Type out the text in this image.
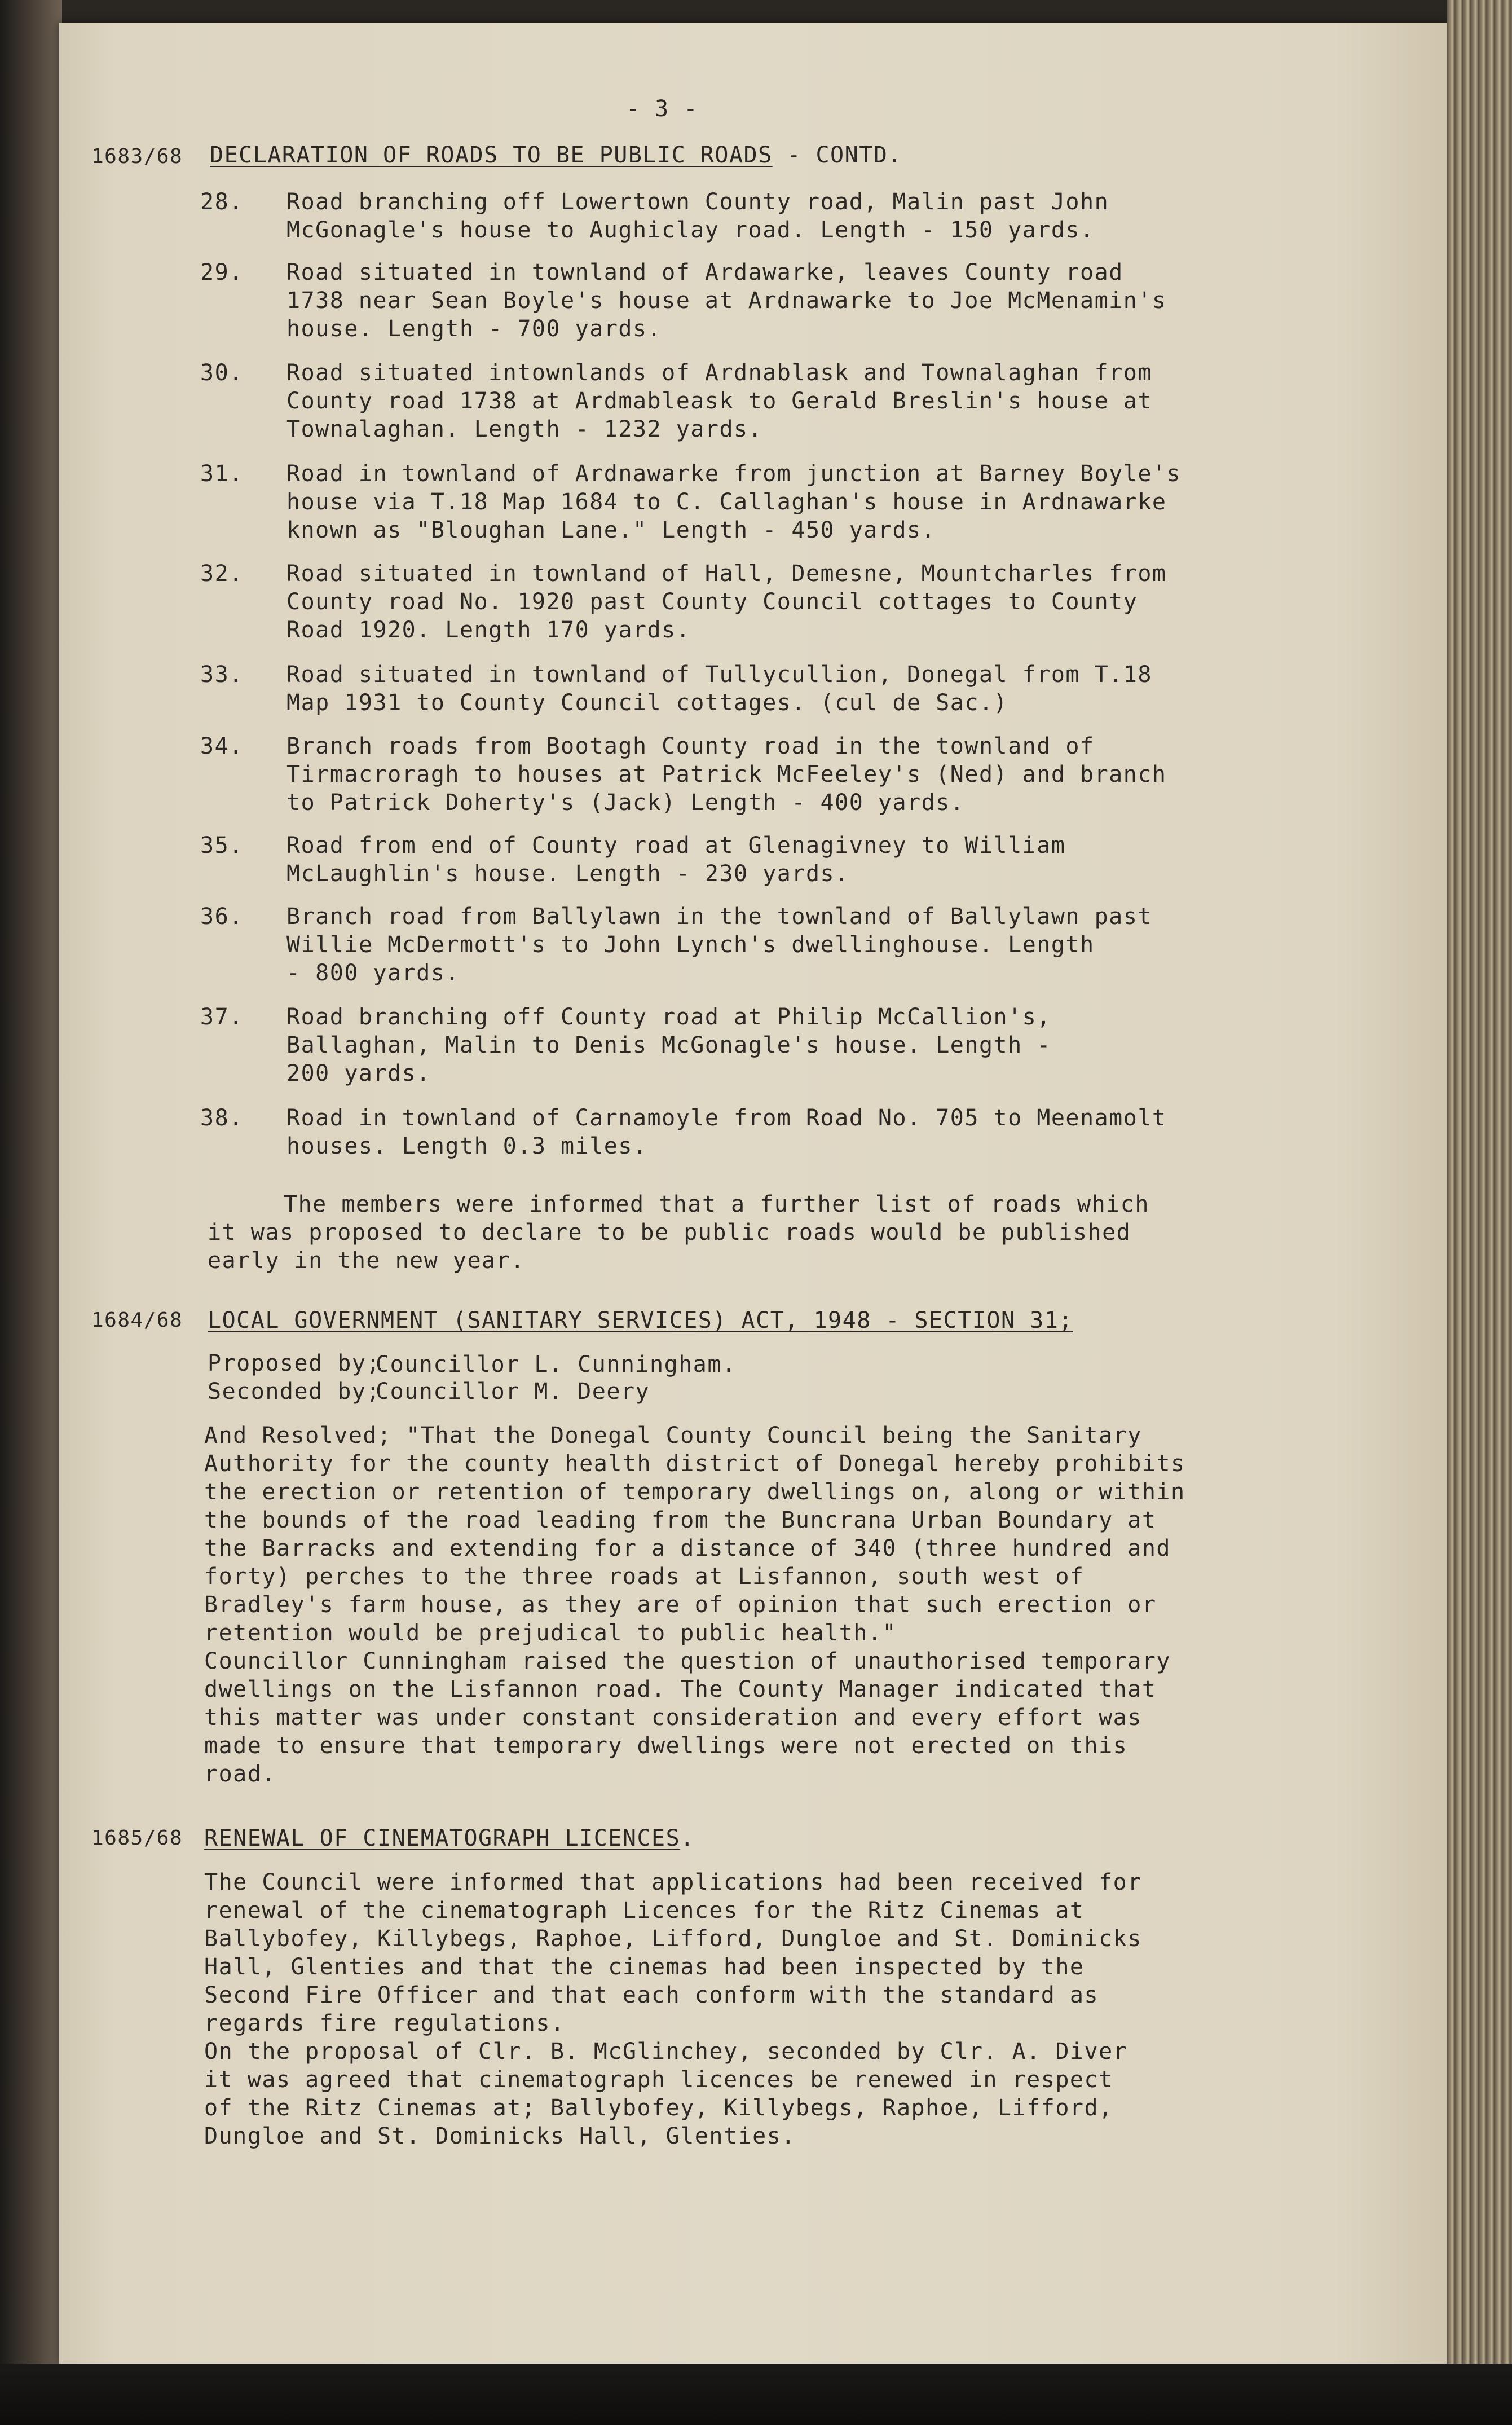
- 3 -
1683/68 DECLARATION OF ROADS TO BE PUBLIC ROADS - CONTD.
28.	Road branching off Lowertown County road, Malin past John
McGonagle's house to Aughiclay road. Length - 150 yards.
29.	Road situated in townland of Ardawarke, leaves County road
1738 near Sean Boyle's house at Ardnawarke to Joe McMenamin's
house. Length - 700 yards.
30.	Road situated intownlands of Ardnablask and Townalaghan from
County road 1738 at Ardmableask to Gerald Breslin's house at
Townalaghan. Length - 1232 yards.
31.	Road in townland of Ardnawarke from junction at Barney Boyle's
house via T.18 Map 1684 to C. Callaghan's house in Ardnawarke
known as "Bloughan Lane." Length - 450 yards.
32.	Road situated in townland of Hall, Demesne, Mountcharles from
County road No. 1920 past County Council cottages to County
Road 1920. Length 170 yards.
33.	Road situated in townland of Tullycullion, Donegal from T.18
Map 1931 to County Council cottages. (cul de Sac.)
34.	Branch roads from Bootagh County road in the townland of
Tirmacroragh to houses at Patrick McFeeley's (Ned) and branch
to Patrick Doherty's (Jack) Length - 400 yards.
35.	Road from end of County road at Glenagivney to William
McLaughlin's house. Length - 230 yards.
36.	Branch road from Ballylawn in the townland of Ballylawn past
Willie McDermott's to John Lynch's dwellinghouse. Length
- 800 yards.
37.	Road branching off County road at Philip McCallion's,
Ballaghan, Malin to Denis McGonagle's house. Length -
200 yards.
38.	Road in townland of Carnamoyle from Road No. 705 to Meenamolt
houses. Length 0.3 miles.
The members were informed that a further list of roads which
it was proposed to declare to be public roads would be published
early in the new year.
1684/68 LOCAL GOVERNMENT (SANITARY SERVICES) ACT, 1948 - SECTION 31;
Proposed by;
Councillor L. Cunningham.
Seconded by;
Councillor M. Deery
And Resolved; "That the Donegal County Council being the Sanitary
Authority for the county health district of Donegal hereby prohibits
the erection or retention of temporary dwellings on, along or within
the bounds of the road leading from the Buncrana Urban Boundary at
the Barracks and extending for a distance of 340 (three hundred and
forty) perches to the three roads at Lisfannon, south west of
Bradley's farm house, as they are of opinion that such erection or
retention would be prejudical to public health."
Councillor Cunningham raised the question of unauthorised temporary
dwellings on the Lisfannon road. The County Manager indicated that
this matter was under constant consideration and every effort was
made to ensure that temporary dwellings were not erected on this
road.
1685/68 RENEWAL OF CINEMATOGRAPH LICENCES.
The Council were informed that applications had been received for
renewal of the cinematograph Licences for the Ritz Cinemas at
Ballybofey, Killybegs, Raphoe, Lifford, Dungloe and St. Dominicks
Hall, Glenties and that the cinemas had been inspected by the
Second Fire Officer and that each conform with the standard as
regards fire regulations.
On the proposal of Clr. B. McGlinchey, seconded by Clr. A. Diver
it was agreed that cinematograph licences be renewed in respect
of the Ritz Cinemas at; Ballybofey, Killybegs, Raphoe, Lifford,
Dungloe and St. Dominicks Hall, Glenties.
